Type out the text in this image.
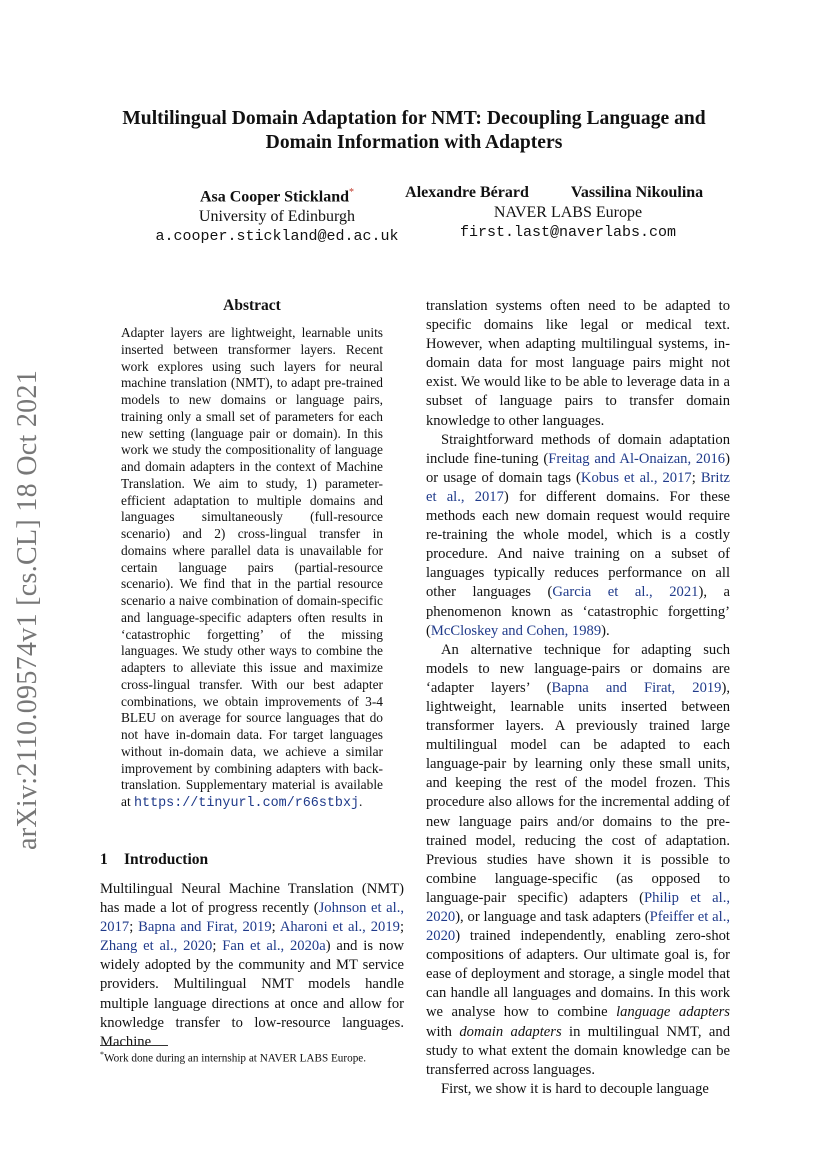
arXiv:2110.09574v1 [cs.CL] 18 Oct 2021
Multilingual Domain Adaptation for NMT: Decoupling Language and
Domain Information with Adapters
Asa Cooper Stickland*
University of Edinburgh
a.cooper.stickland@ed.ac.uk
Alexandre Bérard	Vassilina Nikoulina
NAVER LABS Europe
first.last@naverlabs.com
Abstract
Adapter layers are lightweight, learnable units inserted between transformer layers. Recent work explores using such layers for neural machine translation (NMT), to adapt pre-trained models to new domains or language pairs, training only a small set of parameters for each new setting (language pair or domain). In this work we study the compositionality of language and domain adapters in the context of Machine Translation. We aim to study, 1) parameter-efficient adaptation to multiple domains and languages simultaneously (full-resource scenario) and 2) cross-lingual transfer in domains where parallel data is unavailable for certain language pairs (partial-resource scenario). We find that in the partial resource scenario a naive combination of domain-specific and language-specific adapters often results in ‘catastrophic forgetting’ of the missing languages. We study other ways to combine the adapters to alleviate this issue and maximize cross-lingual transfer. With our best adapter combinations, we obtain improvements of 3-4 BLEU on average for source languages that do not have in-domain data. For target languages without in-domain data, we achieve a similar improvement by combining adapters with back-translation. Supplementary material is available at https://tinyurl.com/r66stbxj.
1 Introduction
Multilingual Neural Machine Translation (NMT) has made a lot of progress recently (Johnson et al., 2017; Bapna and Firat, 2019; Aharoni et al., 2019; Zhang et al., 2020; Fan et al., 2020a) and is now widely adopted by the community and MT service providers. Multilingual NMT models handle multiple language directions at once and allow for knowledge transfer to low-resource languages. Machine
*Work done during an internship at NAVER LABS Europe.

translation systems often need to be adapted to specific domains like legal or medical text. However, when adapting multilingual systems, in-domain data for most language pairs might not exist. We would like to be able to leverage data in a subset of language pairs to transfer domain knowledge to other languages.

Straightforward methods of domain adaptation include fine-tuning (Freitag and Al-Onaizan, 2016) or usage of domain tags (Kobus et al., 2017; Britz et al., 2017) for different domains. For these methods each new domain request would require re-training the whole model, which is a costly procedure. And naive training on a subset of languages typically reduces performance on all other languages (Garcia et al., 2021), a phenomenon known as ‘catastrophic forgetting’ (McCloskey and Cohen, 1989).

An alternative technique for adapting such models to new language-pairs or domains are ‘adapter layers’ (Bapna and Firat, 2019), lightweight, learnable units inserted between transformer layers. A previously trained large multilingual model can be adapted to each language-pair by learning only these small units, and keeping the rest of the model frozen. This procedure also allows for the incremental adding of new language pairs and/or domains to the pre-trained model, reducing the cost of adaptation. Previous studies have shown it is possible to combine language-specific (as opposed to language-pair specific) adapters (Philip et al., 2020), or language and task adapters (Pfeiffer et al., 2020) trained independently, enabling zero-shot compositions of adapters. Our ultimate goal is, for ease of deployment and storage, a single model that can handle all languages and domains. In this work we analyse how to combine language adapters with domain adapters in multilingual NMT, and study to what extent the domain knowledge can be transferred across languages.

First, we show it is hard to decouple language
